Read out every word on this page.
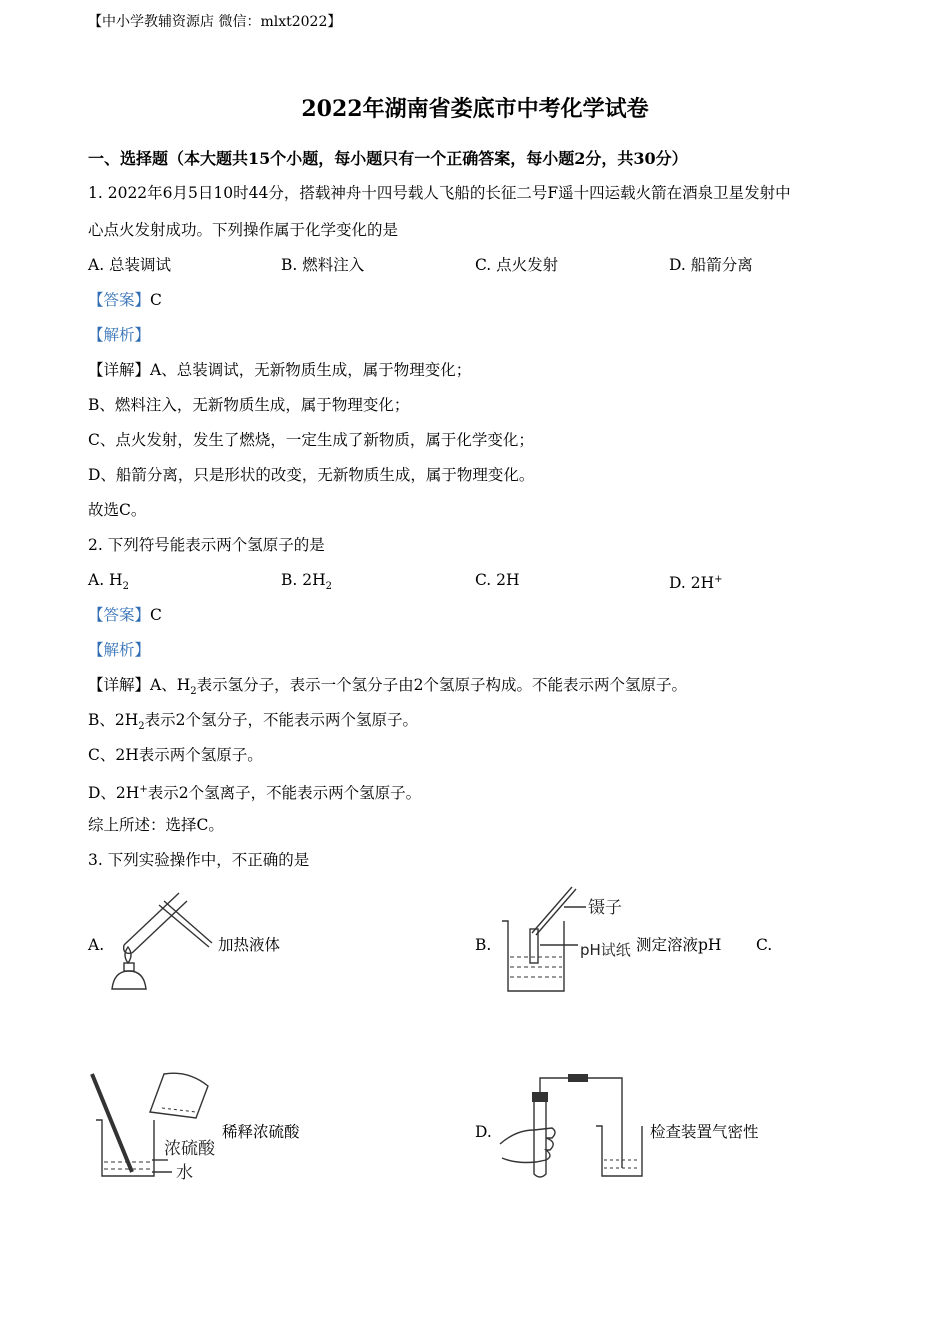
【中小学教辅资源店 微信：mlxt2022】
2022年湖南省娄底市中考化学试卷
一、选择题（本大题共15个小题，每小题只有一个正确答案，每小题2分，共30分）
1. 2022年6月5日10时44分，搭载神舟十四号载人飞船的长征二号F遥十四运载火箭在酒泉卫星发射中
心点火发射成功。下列操作属于化学变化的是
A. 总装调试	B. 燃料注入	C. 点火发射	D. 船箭分离
【答案】C
【解析】
【详解】A、总装调试，无新物质生成，属于物理变化；
B、燃料注入，无新物质生成，属于物理变化；
C、点火发射，发生了燃烧，一定生成了新物质，属于化学变化；
D、船箭分离，只是形状的改变，无新物质生成，属于物理变化。
故选C。
2. 下列符号能表示两个氢原子的是
A. $H_2$	B. $2H_2$	C. 2H	D. 2H+
【答案】C
【解析】
【详解】A、$H_2$表示氢分子，表示一个氢分子由2个氢原子构成。不能表示两个氢原子。
B、$2H_2$表示2个氢分子，不能表示两个氢原子。
C、2H表示两个氢原子。
D、2H+表示2个氢离子，不能表示两个氢原子。
综上所述：选择C。
3. 下列实验操作中，不正确的是
A.	加热液体	B.
镊子
pH试纸 测定溶液pH C.
浓硫酸
水
稀释浓硫酸	D.	检查装置气密性
